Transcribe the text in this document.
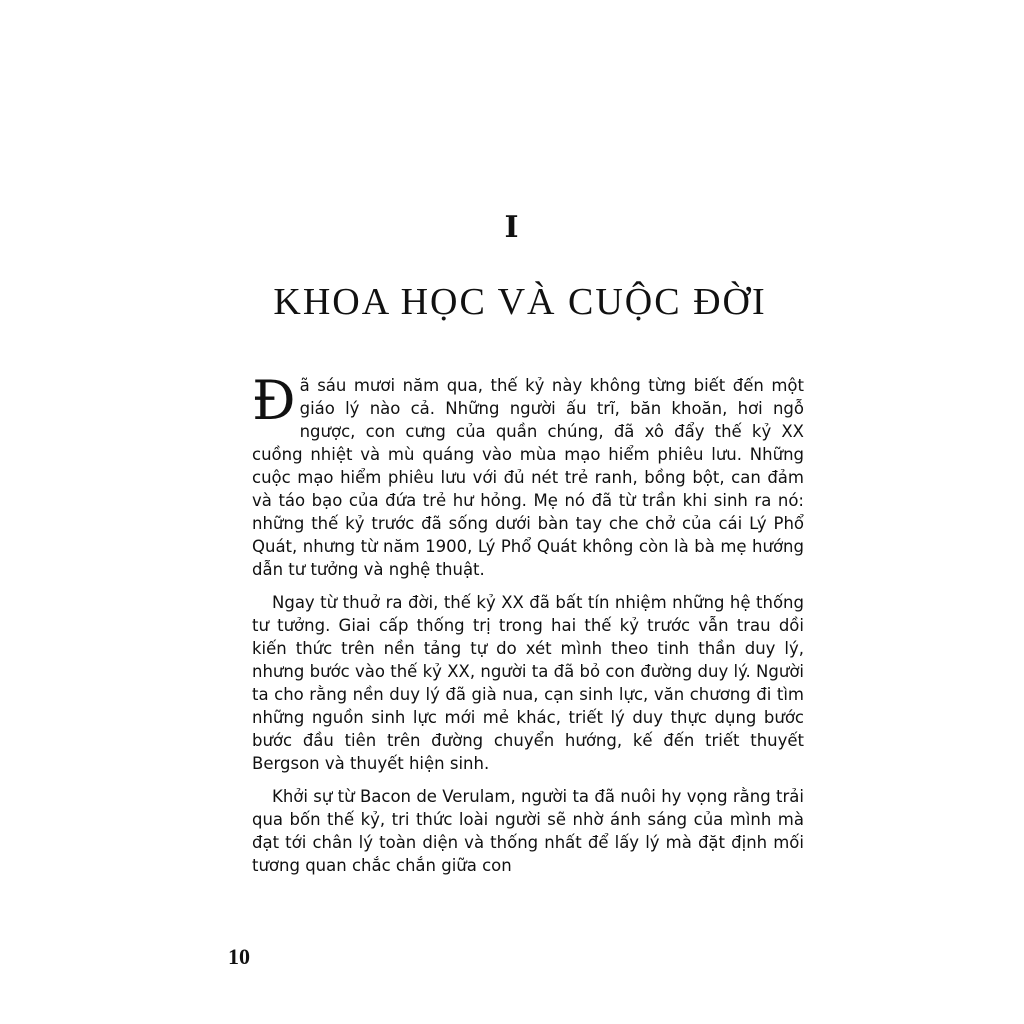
I
KHOA HỌC VÀ CUỘC ĐỜI

Đã sáu mươi năm qua, thế kỷ này không từng biết đến một giáo lý nào cả. Những người ấu trĩ, băn khoăn, hơi ngỗ ngược, con cưng của quần chúng, đã xô đẩy thế kỷ XX cuồng nhiệt và mù quáng vào mùa mạo hiểm phiêu lưu. Những cuộc mạo hiểm phiêu lưu với đủ nét trẻ ranh, bồng bột, can đảm và táo bạo của đứa trẻ hư hỏng. Mẹ nó đã từ trần khi sinh ra nó: những thế kỷ trước đã sống dưới bàn tay che chở của cái Lý Phổ Quát, nhưng từ năm 1900, Lý Phổ Quát không còn là bà mẹ hướng dẫn tư tưởng và nghệ thuật.

Ngay từ thuở ra đời, thế kỷ XX đã bất tín nhiệm những hệ thống tư tưởng. Giai cấp thống trị trong hai thế kỷ trước vẫn trau dồi kiến thức trên nền tảng tự do xét mình theo tinh thần duy lý, nhưng bước vào thế kỷ XX, người ta đã bỏ con đường duy lý. Người ta cho rằng nền duy lý đã già nua, cạn sinh lực, văn chương đi tìm những nguồn sinh lực mới mẻ khác, triết lý duy thực dụng bước bước đầu tiên trên đường chuyển hướng, kế đến triết thuyết Bergson và thuyết hiện sinh.

Khởi sự từ Bacon de Verulam, người ta đã nuôi hy vọng rằng trải qua bốn thế kỷ, tri thức loài người sẽ nhờ ánh sáng của mình mà đạt tới chân lý toàn diện và thống nhất để lấy lý mà đặt định mối tương quan chắc chắn giữa con

10
